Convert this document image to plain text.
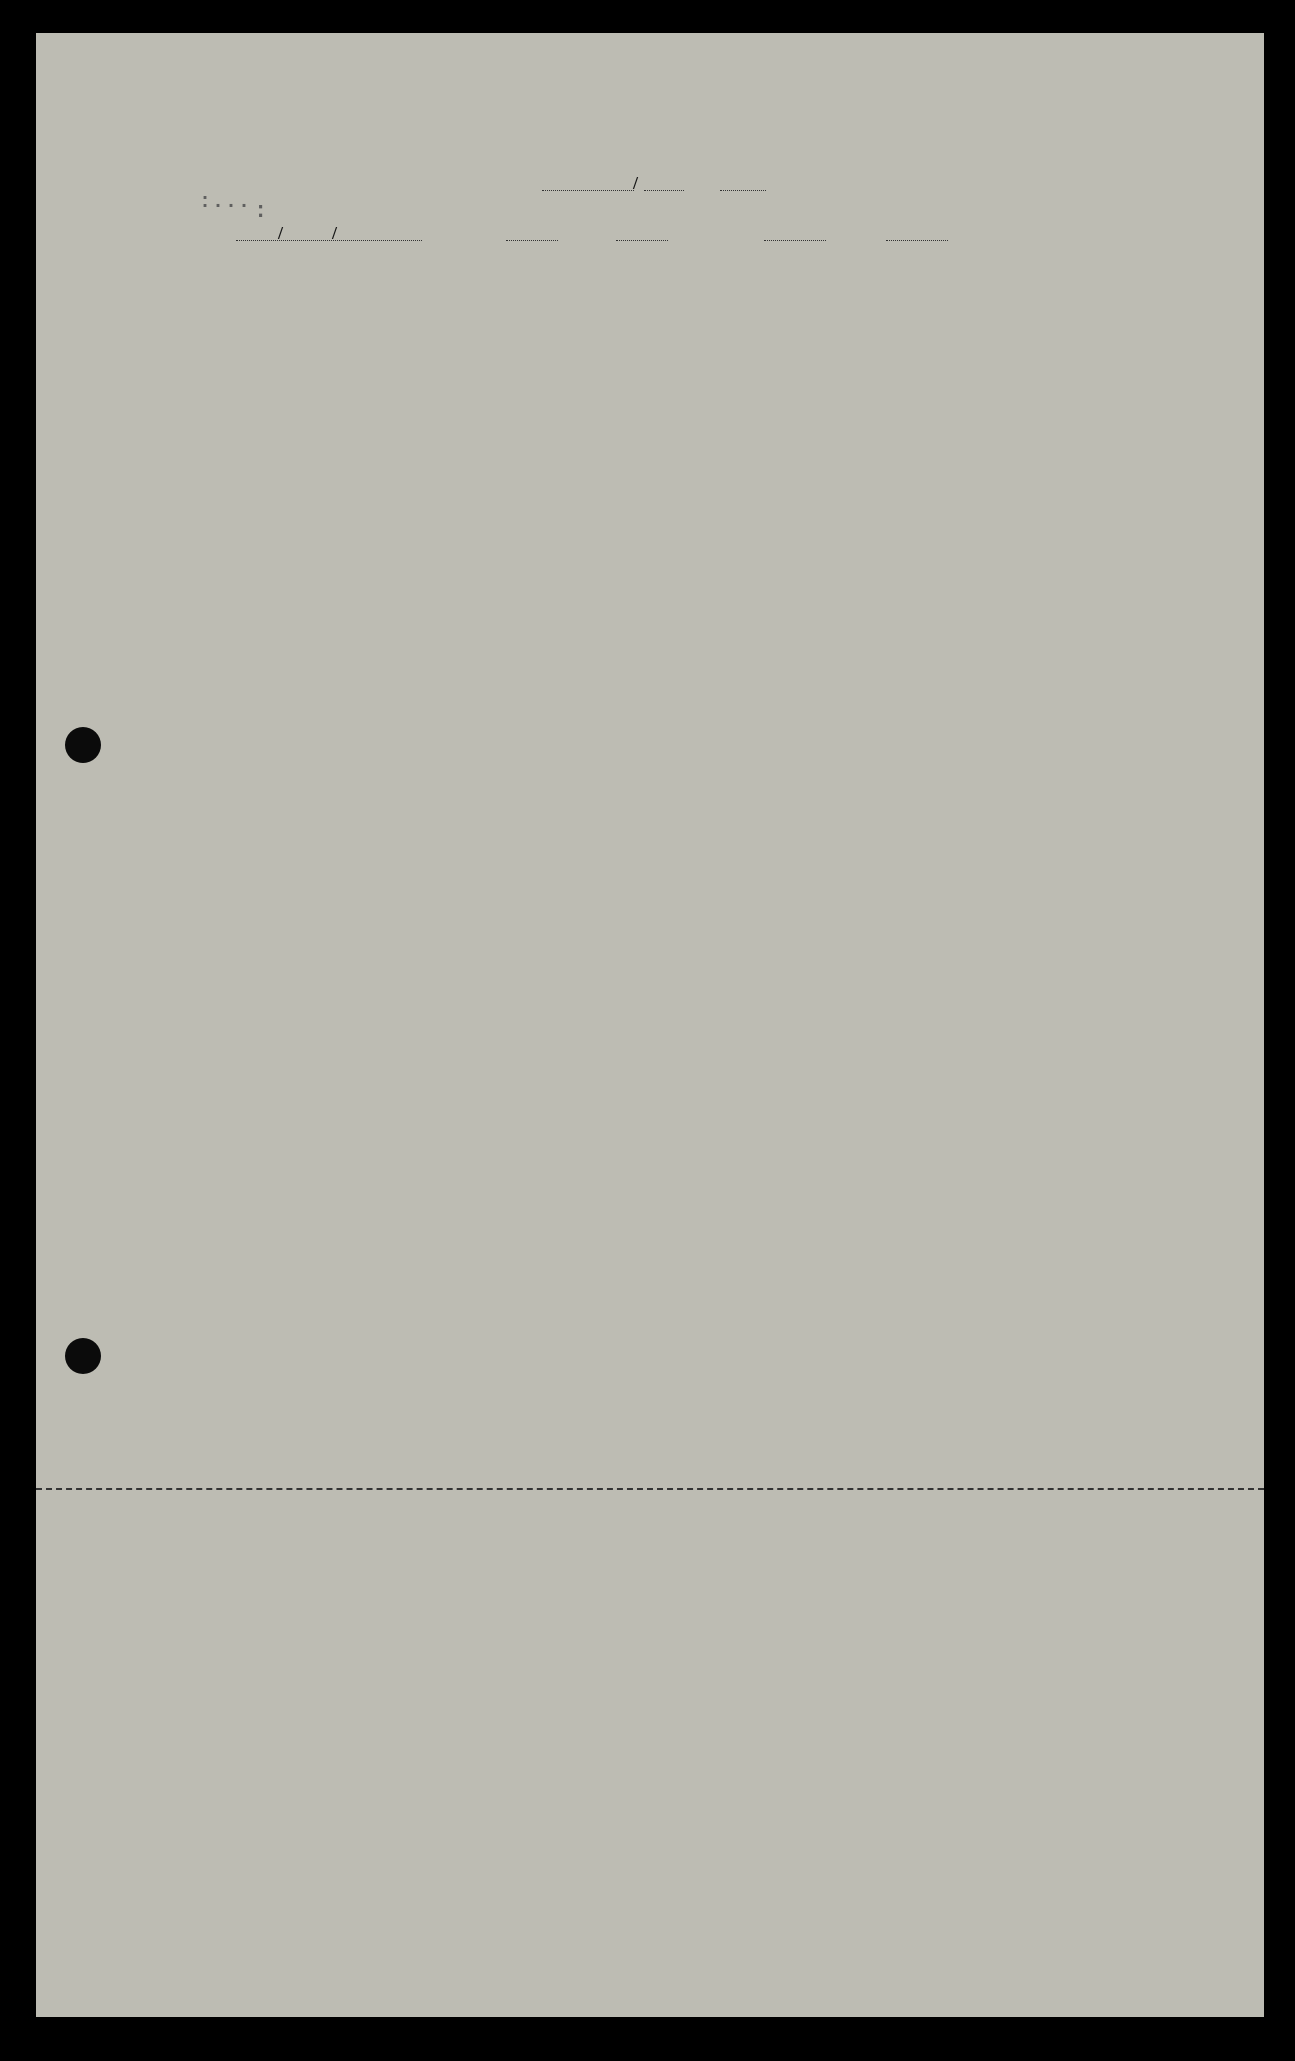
:...
/
:
/	/
